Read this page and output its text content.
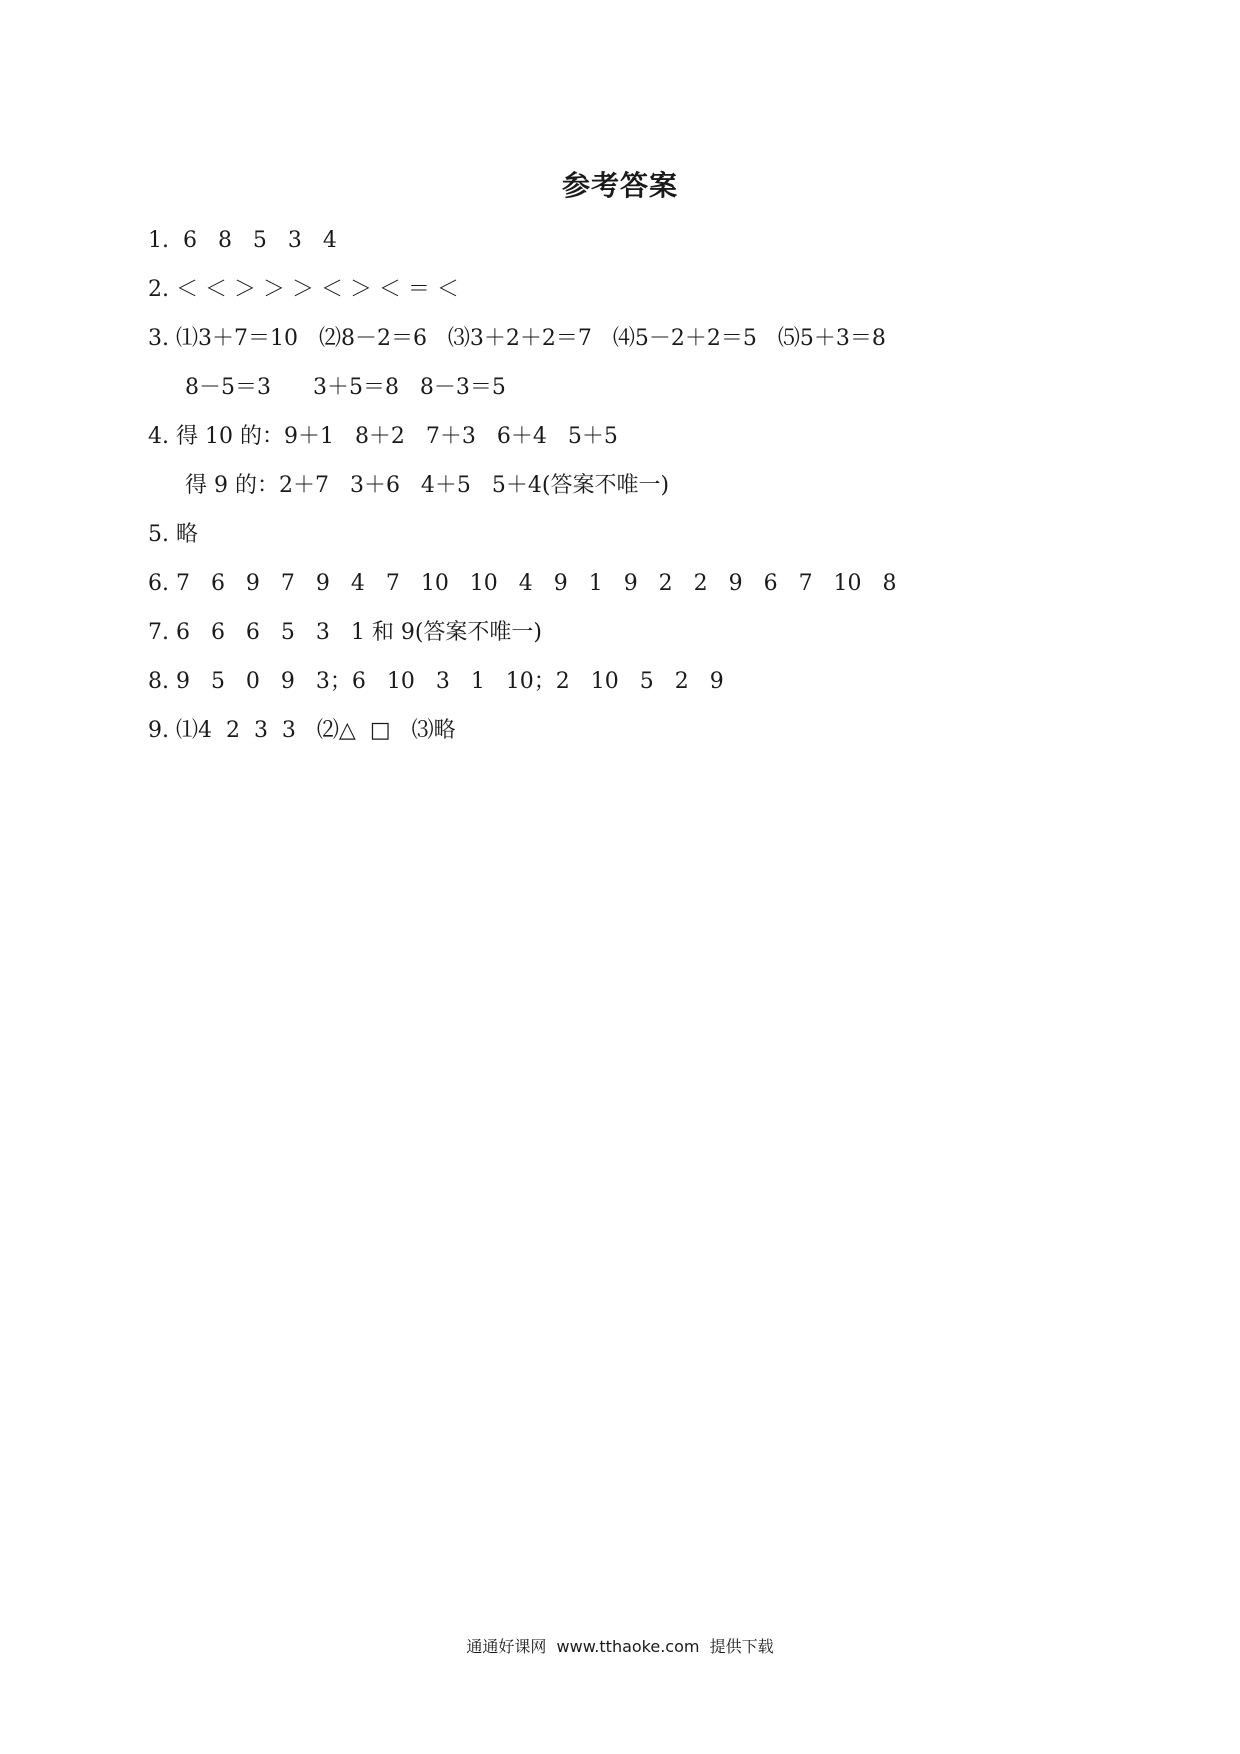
参考答案
1.  6   8   5   3   4
2. ＜ ＜ ＞ ＞ ＞ ＜ ＞ ＜ ＝ ＜
3. ⑴3＋7＝10   ⑵8－2＝6   ⑶3＋2＋2＝7   ⑷5－2＋2＝5   ⑸5＋3＝8
8－5＝3      3＋5＝8   8－3＝5
4. 得 10 的：9＋1   8＋2   7＋3   6＋4   5＋5
得 9 的：2＋7   3＋6   4＋5   5＋4(答案不唯一)
5. 略
6. 7   6   9   7   9   4   7   10   10   4   9   1   9   2   2   9   6   7   10   8
7. 6   6   6   5   3   1 和 9(答案不唯一)
8. 9   5   0   9   3；6   10   3   1   10；2   10   5   2   9
9. ⑴4  2  3  3   ⑵△  □   ⑶略
通通好课网  www.tthaoke.com  提供下载
